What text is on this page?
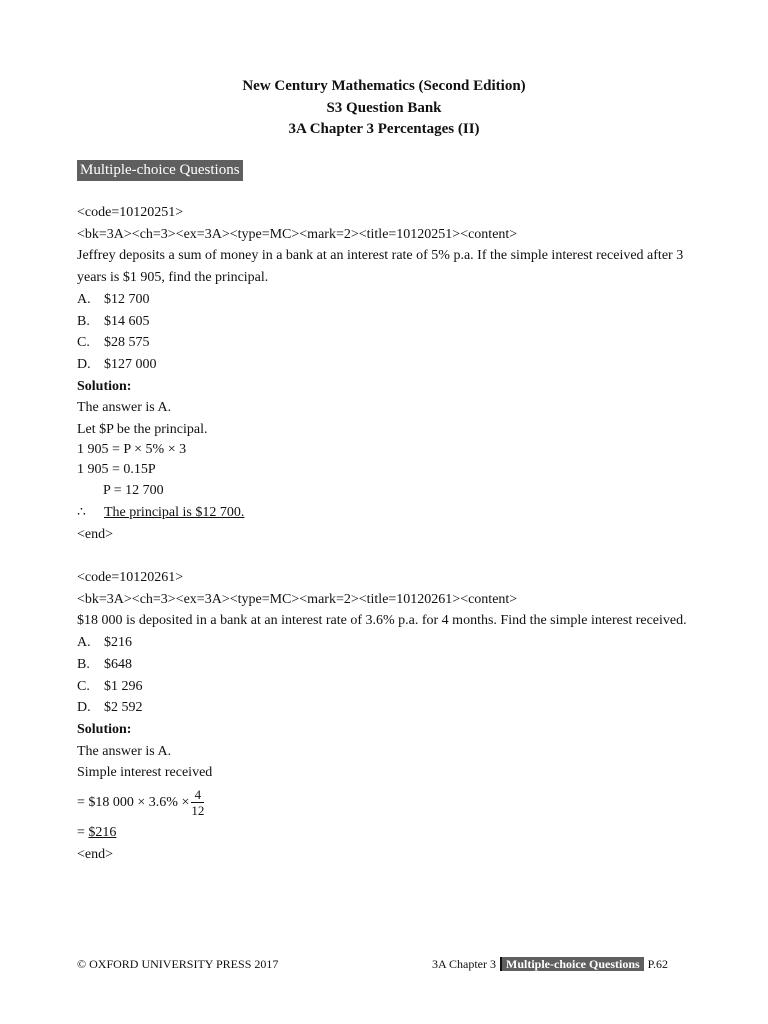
New Century Mathematics (Second Edition)
S3 Question Bank
3A Chapter 3 Percentages (II)
Multiple-choice Questions
<code=10120251>
<bk=3A><ch=3><ex=3A><type=MC><mark=2><title=10120251><content>
Jeffrey deposits a sum of money in a bank at an interest rate of 5% p.a. If the simple interest received after 3 years is $1 905, find the principal.
A. $12 700
B. $14 605
C. $28 575
D. $127 000
Solution:
The answer is A.
Let $P be the principal.
1 905 = P × 5% × 3
1 905 = 0.15P
P = 12 700
∴ The principal is $12 700.
<end>
<code=10120261>
<bk=3A><ch=3><ex=3A><type=MC><mark=2><title=10120261><content>
$18 000 is deposited in a bank at an interest rate of 3.6% p.a. for 4 months. Find the simple interest received.
A. $216
B. $648
C. $1 296
D. $2 592
Solution:
The answer is A.
Simple interest received
= $18 $000 \times 3.6\% \times \frac{4}{12}$
= $216
<end>
© OXFORD UNIVERSITY PRESS 2017	3A Chapter 3 Multiple-choice Questions P.62
